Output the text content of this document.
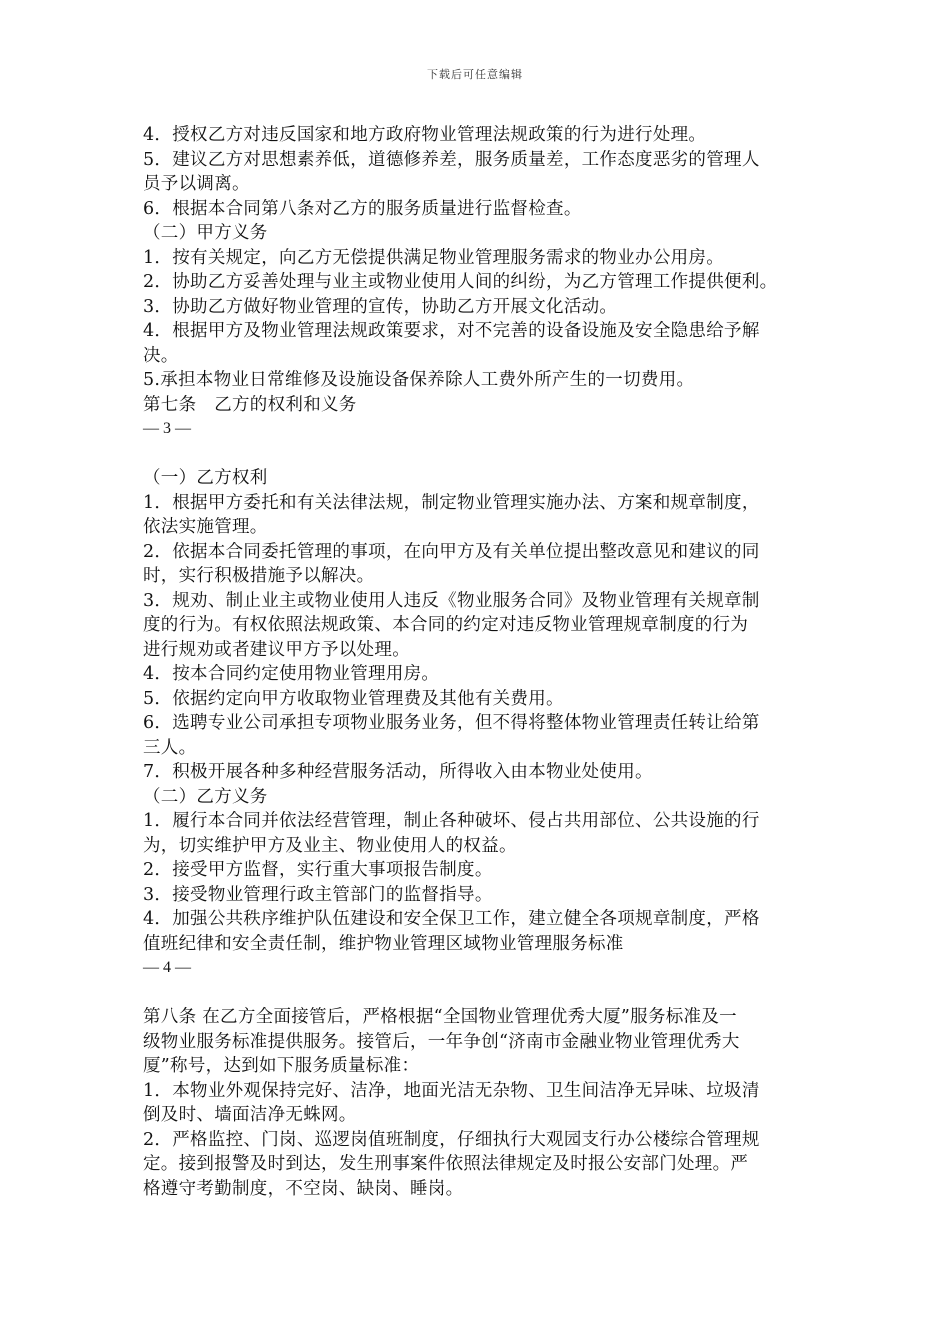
下载后可任意编辑
4．授权乙方对违反国家和地方政府物业管理法规政策的行为进行处理。
5．建议乙方对思想素养低，道德修养差，服务质量差，工作态度恶劣的管理人
员予以调离。
6．根据本合同第八条对乙方的服务质量进行监督检查。
（二）甲方义务
1．按有关规定，向乙方无偿提供满足物业管理服务需求的物业办公用房。
2．协助乙方妥善处理与业主或物业使用人间的纠纷，为乙方管理工作提供便利。
3．协助乙方做好物业管理的宣传，协助乙方开展文化活动。
4．根据甲方及物业管理法规政策要求，对不完善的设备设施及安全隐患给予解
决。
5.承担本物业日常维修及设施设备保养除人工费外所产生的一切费用。
第七条　乙方的权利和义务
— 3 —
（一）乙方权利
1．根据甲方委托和有关法律法规，制定物业管理实施办法、方案和规章制度，
依法实施管理。
2．依据本合同委托管理的事项，在向甲方及有关单位提出整改意见和建议的同
时，实行积极措施予以解决。
3．规劝、制止业主或物业使用人违反《物业服务合同》及物业管理有关规章制
度的行为。有权依照法规政策、本合同的约定对违反物业管理规章制度的行为
进行规劝或者建议甲方予以处理。
4．按本合同约定使用物业管理用房。
5．依据约定向甲方收取物业管理费及其他有关费用。
6．选聘专业公司承担专项物业服务业务，但不得将整体物业管理责任转让给第
三人。
7．积极开展各种多种经营服务活动，所得收入由本物业处使用。
（二）乙方义务
1．履行本合同并依法经营管理，制止各种破坏、侵占共用部位、公共设施的行
为，切实维护甲方及业主、物业使用人的权益。
2．接受甲方监督，实行重大事项报告制度。
3．接受物业管理行政主管部门的监督指导。
4．加强公共秩序维护队伍建设和安全保卫工作，建立健全各项规章制度，严格
值班纪律和安全责任制，维护物业管理区域物业管理服务标准
— 4 —
第八条 在乙方全面接管后，严格根据“全国物业管理优秀大厦”服务标准及一
级物业服务标准提供服务。接管后，一年争创“济南市金融业物业管理优秀大
厦”称号，达到如下服务质量标准：
1．本物业外观保持完好、洁净，地面光洁无杂物、卫生间洁净无异味、垃圾清
倒及时、墙面洁净无蛛网。
2．严格监控、门岗、巡逻岗值班制度，仔细执行大观园支行办公楼综合管理规
定。接到报警及时到达，发生刑事案件依照法律规定及时报公安部门处理。严
格遵守考勤制度，不空岗、缺岗、睡岗。
